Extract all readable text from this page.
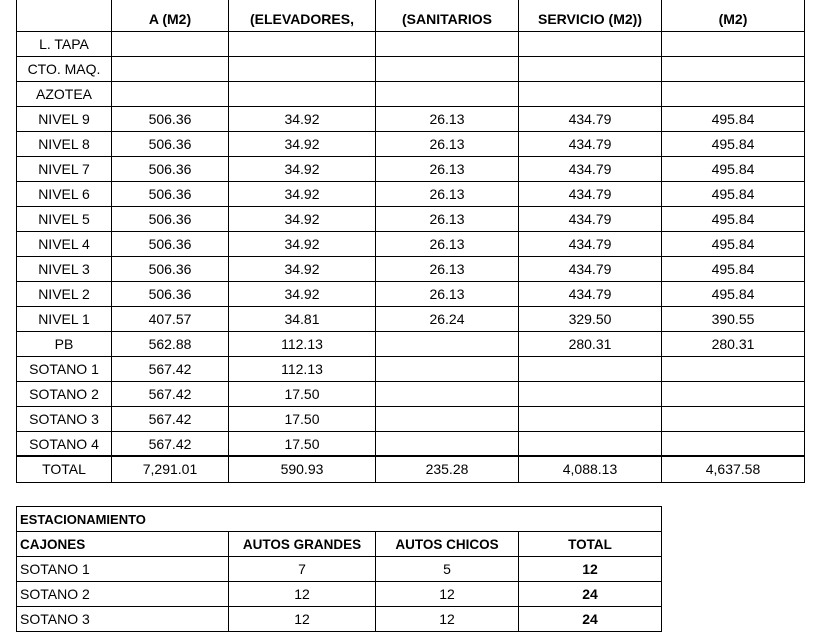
	A (M2)	(ELEVADORES,	(SANITARIOS	SERVICIO (M2))	(M2)
L. TAPA					
CTO. MAQ.					
AZOTEA					
NIVEL 9	506.36	34.92	26.13	434.79	495.84
NIVEL 8	506.36	34.92	26.13	434.79	495.84
NIVEL 7	506.36	34.92	26.13	434.79	495.84
NIVEL 6	506.36	34.92	26.13	434.79	495.84
NIVEL 5	506.36	34.92	26.13	434.79	495.84
NIVEL 4	506.36	34.92	26.13	434.79	495.84
NIVEL 3	506.36	34.92	26.13	434.79	495.84
NIVEL 2	506.36	34.92	26.13	434.79	495.84
NIVEL 1	407.57	34.81	26.24	329.50	390.55
PB	562.88	112.13		280.31	280.31
SOTANO 1	567.42	112.13			
SOTANO 2	567.42	17.50			
SOTANO 3	567.42	17.50			
SOTANO 4	567.42	17.50			
TOTAL	7,291.01	590.93	235.28	4,088.13	4,637.58
ESTACIONAMIENTO				
CAJONES		AUTOS GRANDES	AUTOS CHICOS	TOTAL
SOTANO 1		7	5	12
SOTANO 2		12	12	24
SOTANO 3		12	12	24
